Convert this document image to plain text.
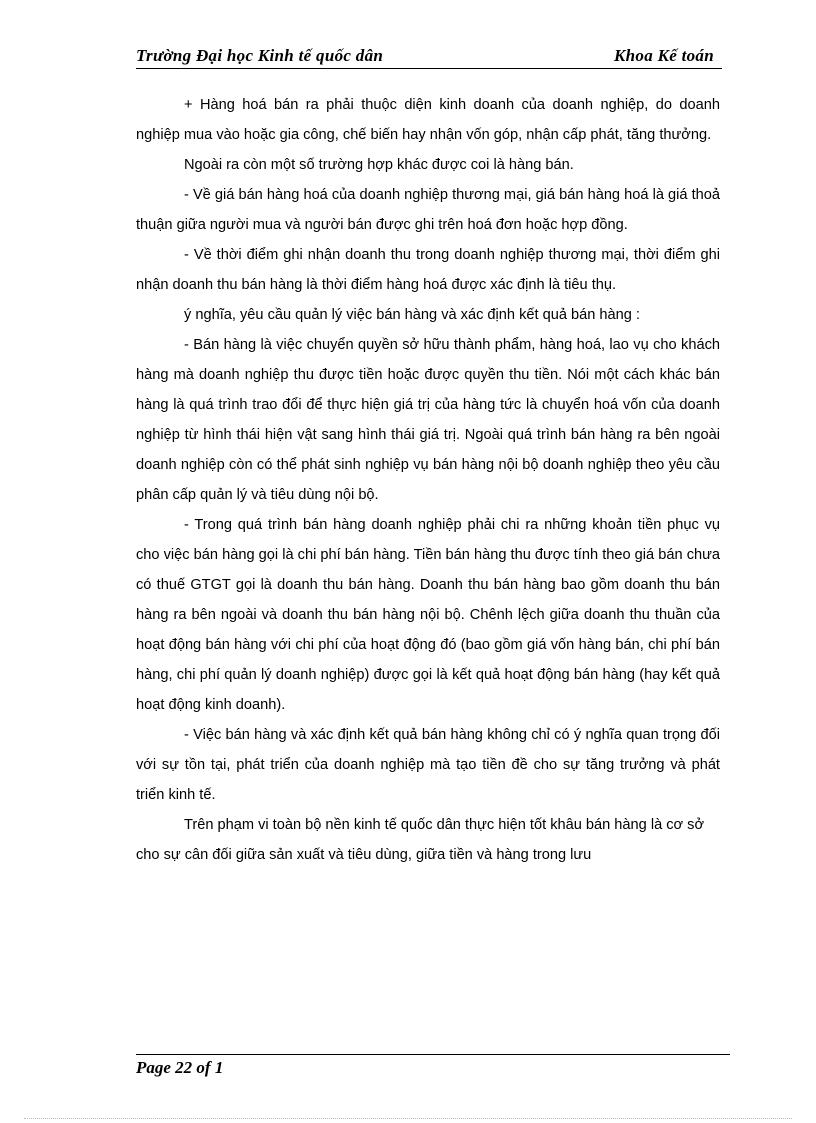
Trường Đại học Kinh tế quốc dân	Khoa Kế toán

+ Hàng hoá bán ra phải thuộc diện kinh doanh của doanh nghiệp, do doanh nghiệp mua vào hoặc gia công, chế biến hay nhận vốn góp, nhận cấp phát, tăng thưởng.

Ngoài ra còn một số trường hợp khác được coi là hàng bán.

- Về giá bán hàng hoá của doanh nghiệp thương mại, giá bán hàng hoá là giá thoả thuận giữa người mua và người bán được ghi trên hoá đơn hoặc hợp đồng.

- Về thời điểm ghi nhận doanh thu trong doanh nghiệp thương mại, thời điểm ghi nhận doanh thu bán hàng là thời điểm hàng hoá được xác định là tiêu thụ.

ý nghĩa, yêu cầu quản lý việc bán hàng và xác định kết quả bán hàng :

- Bán hàng là việc chuyển quyền sở hữu thành phẩm, hàng hoá, lao vụ cho khách hàng mà doanh nghiệp thu được tiền hoặc được quyền thu tiền. Nói một cách khác bán hàng là quá trình trao đổi để thực hiện giá trị của hàng tức là chuyển hoá vốn của doanh nghiệp từ hình thái hiện vật sang hình thái giá trị. Ngoài quá trình bán hàng ra bên ngoài doanh nghiệp còn có thể phát sinh nghiệp vụ bán hàng nội bộ doanh nghiệp theo yêu cầu phân cấp quản lý và tiêu dùng nội bộ.

- Trong quá trình bán hàng doanh nghiệp phải chi ra những khoản tiền phục vụ cho việc bán hàng gọi là chi phí bán hàng. Tiền bán hàng thu được tính theo giá bán chưa có thuế GTGT gọi là doanh thu bán hàng. Doanh thu bán hàng bao gồm doanh thu bán hàng ra bên ngoài và doanh thu bán hàng nội bộ. Chênh lệch giữa doanh thu thuần của hoạt động bán hàng với chi phí của hoạt động đó (bao gồm giá vốn hàng bán, chi phí bán hàng, chi phí quản lý doanh nghiệp) được gọi là kết quả hoạt động bán hàng (hay kết quả hoạt động kinh doanh).

- Việc bán hàng và xác định kết quả bán hàng không chỉ có ý nghĩa quan trọng đối với sự tồn tại, phát triển của doanh nghiệp mà tạo tiền đề cho sự tăng trưởng và phát triển kinh tế.

Trên phạm vi toàn bộ nền kinh tế quốc dân thực hiện tốt khâu bán hàng là cơ sở cho sự cân đối giữa sản xuất và tiêu dùng, giữa tiền và hàng trong lưu

Page 22 of 1
